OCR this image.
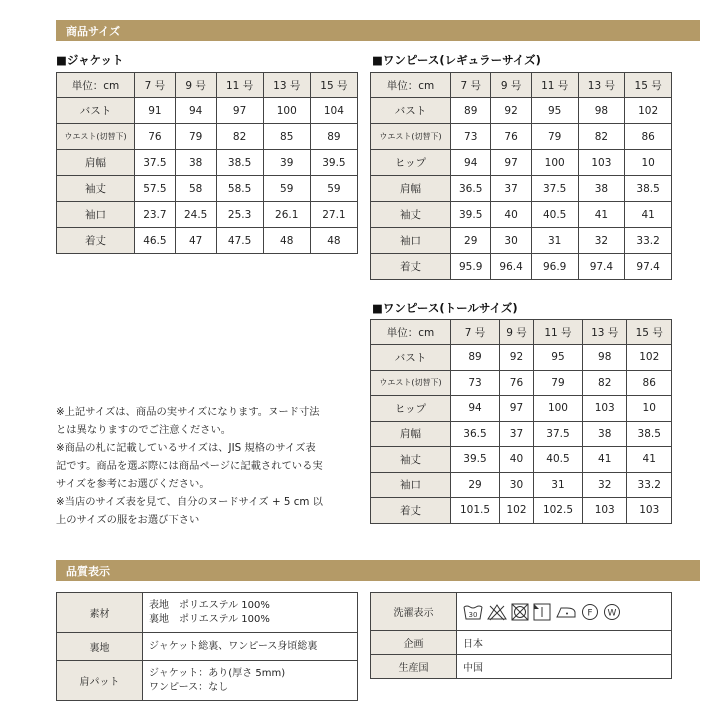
商品サイズ
■ジャケット
単位：cm	7 号	9 号	11 号	13 号	15 号
バスト	91	94	97	100	104
ウエスト(切替下)	76	79	82	85	89
肩幅	37.5	38	38.5	39	39.5
袖丈	57.5	58	58.5	59	59
袖口	23.7	24.5	25.3	26.1	27.1
着丈	46.5	47	47.5	48	48
■ワンピース(レギュラーサイズ)
単位：cm	7 号	9 号	11 号	13 号	15 号
バスト	89	92	95	98	102
ウエスト(切替下)	73	76	79	82	86
ヒップ	94	97	100	103	10
肩幅	36.5	37	37.5	38	38.5
袖丈	39.5	40	40.5	41	41
袖口	29	30	31	32	33.2
着丈	95.9	96.4	96.9	97.4	97.4
■ワンピース(トールサイズ)
単位：cm	7 号	9 号	11 号	13 号	15 号
バスト	89	92	95	98	102
ウエスト(切替下)	73	76	79	82	86
ヒップ	94	97	100	103	10
肩幅	36.5	37	37.5	38	38.5
袖丈	39.5	40	40.5	41	41
袖口	29	30	31	32	33.2
着丈	101.5	102	102.5	103	103

※上記サイズは、商品の実サイズになります。ヌード寸法

とは異なりますのでご注意ください。

※商品の札に記載しているサイズは、JIS 規格のサイズ表

記です。商品を選ぶ際には商品ページに記載されている実

サイズを参考にお選びください。

※当店のサイズ表を見て、自分のヌードサイズ + 5 cm 以

上のサイズの服をお選び下さい

品質表示
素材	表地　ポリエステル 100%
裏地　ポリエステル 100%

裏地	ジャケット総裏、ワンピース身頃総裏

肩パット	ジャケット：あり(厚さ 5mm)
ワンピース：なし
洗濯表示	30 F W

企画	日本
生産国	中国
